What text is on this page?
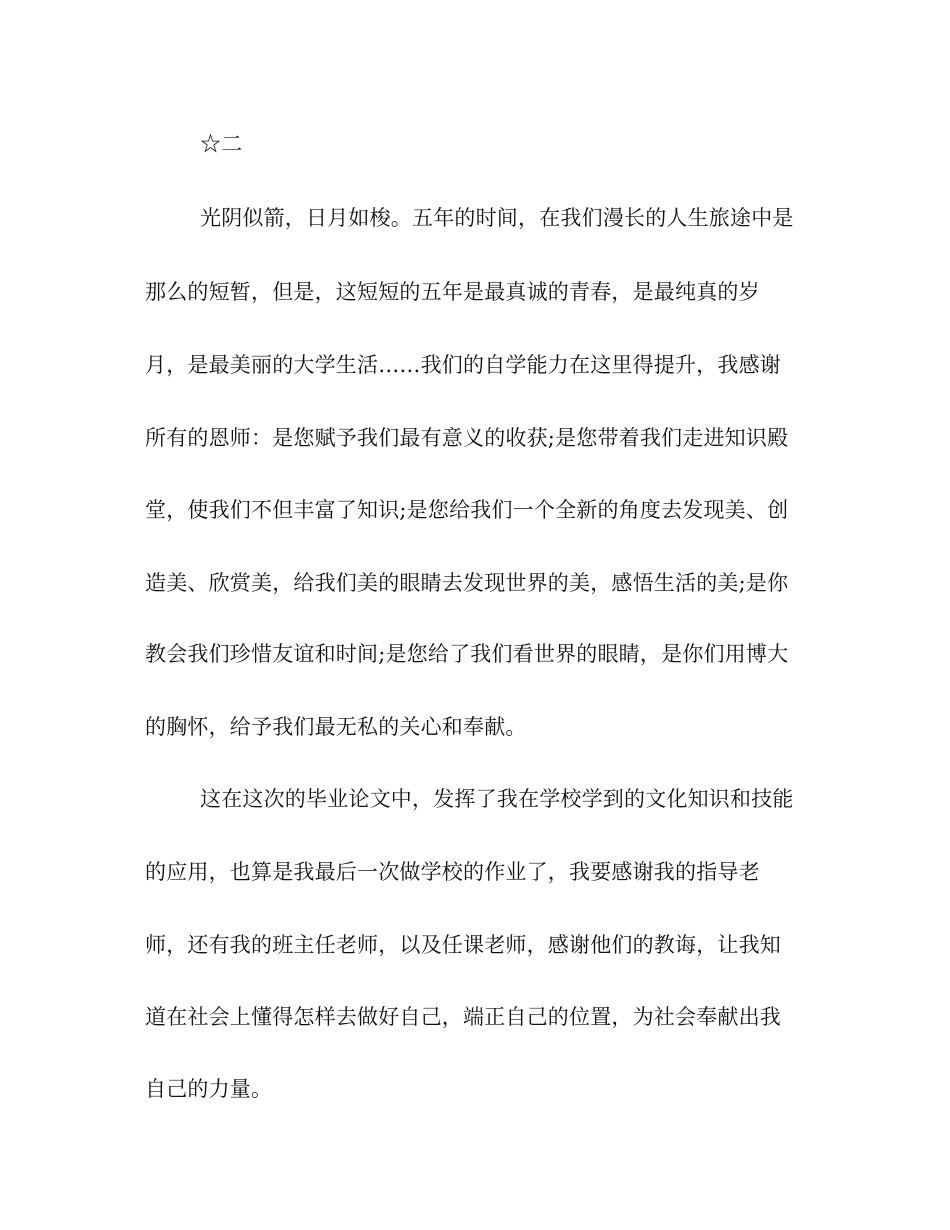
☆二
光阴似箭，日月如梭。五年的时间，在我们漫长的人生旅途中是
那么的短暂，但是，这短短的五年是最真诚的青春，是最纯真的岁
月，是最美丽的大学生活……我们的自学能力在这里得提升，我感谢
所有的恩师：是您赋予我们最有意义的收获;是您带着我们走进知识殿
堂，使我们不但丰富了知识;是您给我们一个全新的角度去发现美、创
造美、欣赏美，给我们美的眼睛去发现世界的美，感悟生活的美;是你
教会我们珍惜友谊和时间;是您给了我们看世界的眼睛，是你们用博大
的胸怀，给予我们最无私的关心和奉献。
这在这次的毕业论文中，发挥了我在学校学到的文化知识和技能
的应用，也算是我最后一次做学校的作业了，我要感谢我的指导老
师，还有我的班主任老师，以及任课老师，感谢他们的教诲，让我知
道在社会上懂得怎样去做好自己，端正自己的位置，为社会奉献出我
自己的力量。
